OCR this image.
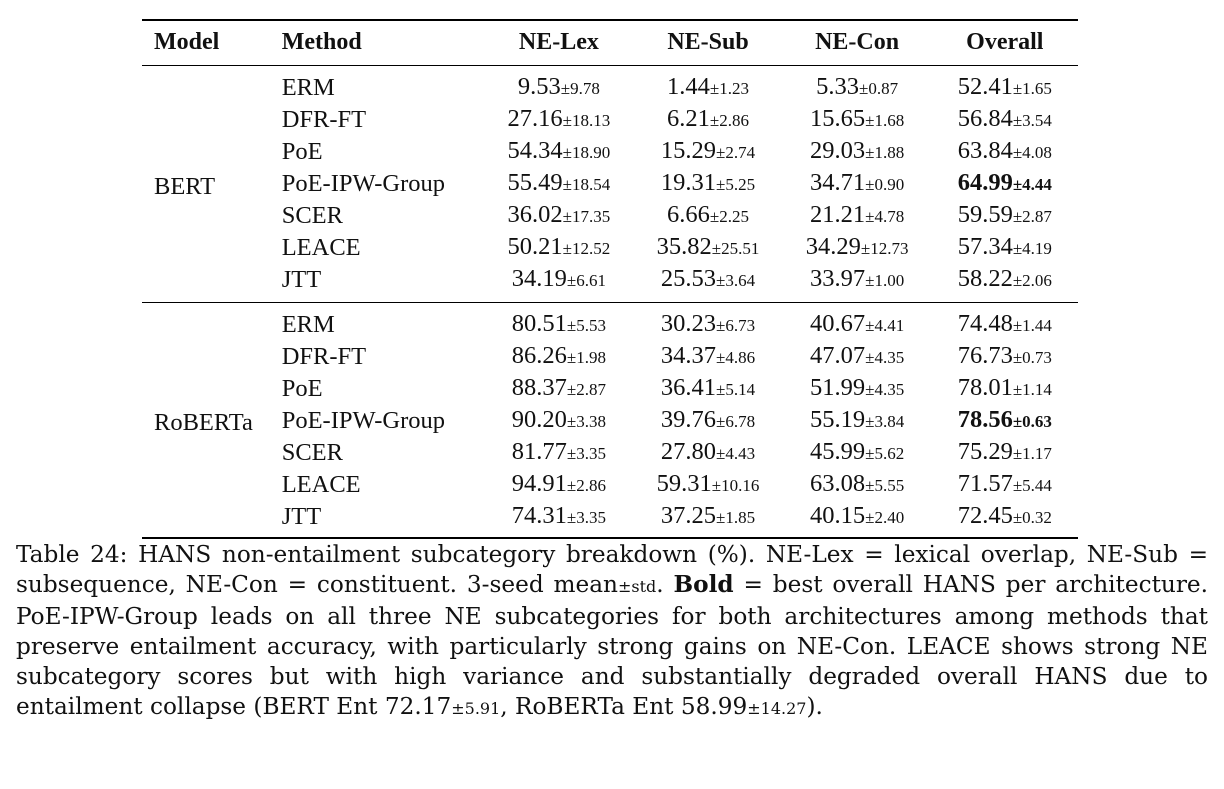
Model	Method	NE-Lex	NE-Sub	NE-Con	Overall
BERT	ERM	9.53±9.78	1.44±1.23	5.33±0.87	52.41±1.65
	DFR-FT	27.16±18.13	6.21±2.86	15.65±1.68	56.84±3.54
	PoE	54.34±18.90	15.29±2.74	29.03±1.88	63.84±4.08
	PoE-IPW-Group	55.49±18.54	19.31±5.25	34.71±0.90	64.99±4.44
	SCER	36.02±17.35	6.66±2.25	21.21±4.78	59.59±2.87
	LEACE	50.21±12.52	35.82±25.51	34.29±12.73	57.34±4.19
	JTT	34.19±6.61	25.53±3.64	33.97±1.00	58.22±2.06
RoBERTa	ERM	80.51±5.53	30.23±6.73	40.67±4.41	74.48±1.44
	DFR-FT	86.26±1.98	34.37±4.86	47.07±4.35	76.73±0.73
	PoE	88.37±2.87	36.41±5.14	51.99±4.35	78.01±1.14
	PoE-IPW-Group	90.20±3.38	39.76±6.78	55.19±3.84	78.56±0.63
	SCER	81.77±3.35	27.80±4.43	45.99±5.62	75.29±1.17
	LEACE	94.91±2.86	59.31±10.16	63.08±5.55	71.57±5.44
	JTT	74.31±3.35	37.25±1.85	40.15±2.40	72.45±0.32

Table 24: HANS non-entailment subcategory breakdown (%). NE-Lex = lexical overlap, NE-Sub = subsequence, NE-Con = constituent. 3-seed mean±std. Bold = best overall HANS per architecture. PoE-IPW-Group leads on all three NE subcategories for both architectures among methods that preserve entailment accuracy, with particularly strong gains on NE-Con. LEACE shows strong NE subcategory scores but with high variance and substantially degraded overall HANS due to entailment collapse (BERT Ent 72.17±5.91, RoBERTa Ent 58.99±14.27).
